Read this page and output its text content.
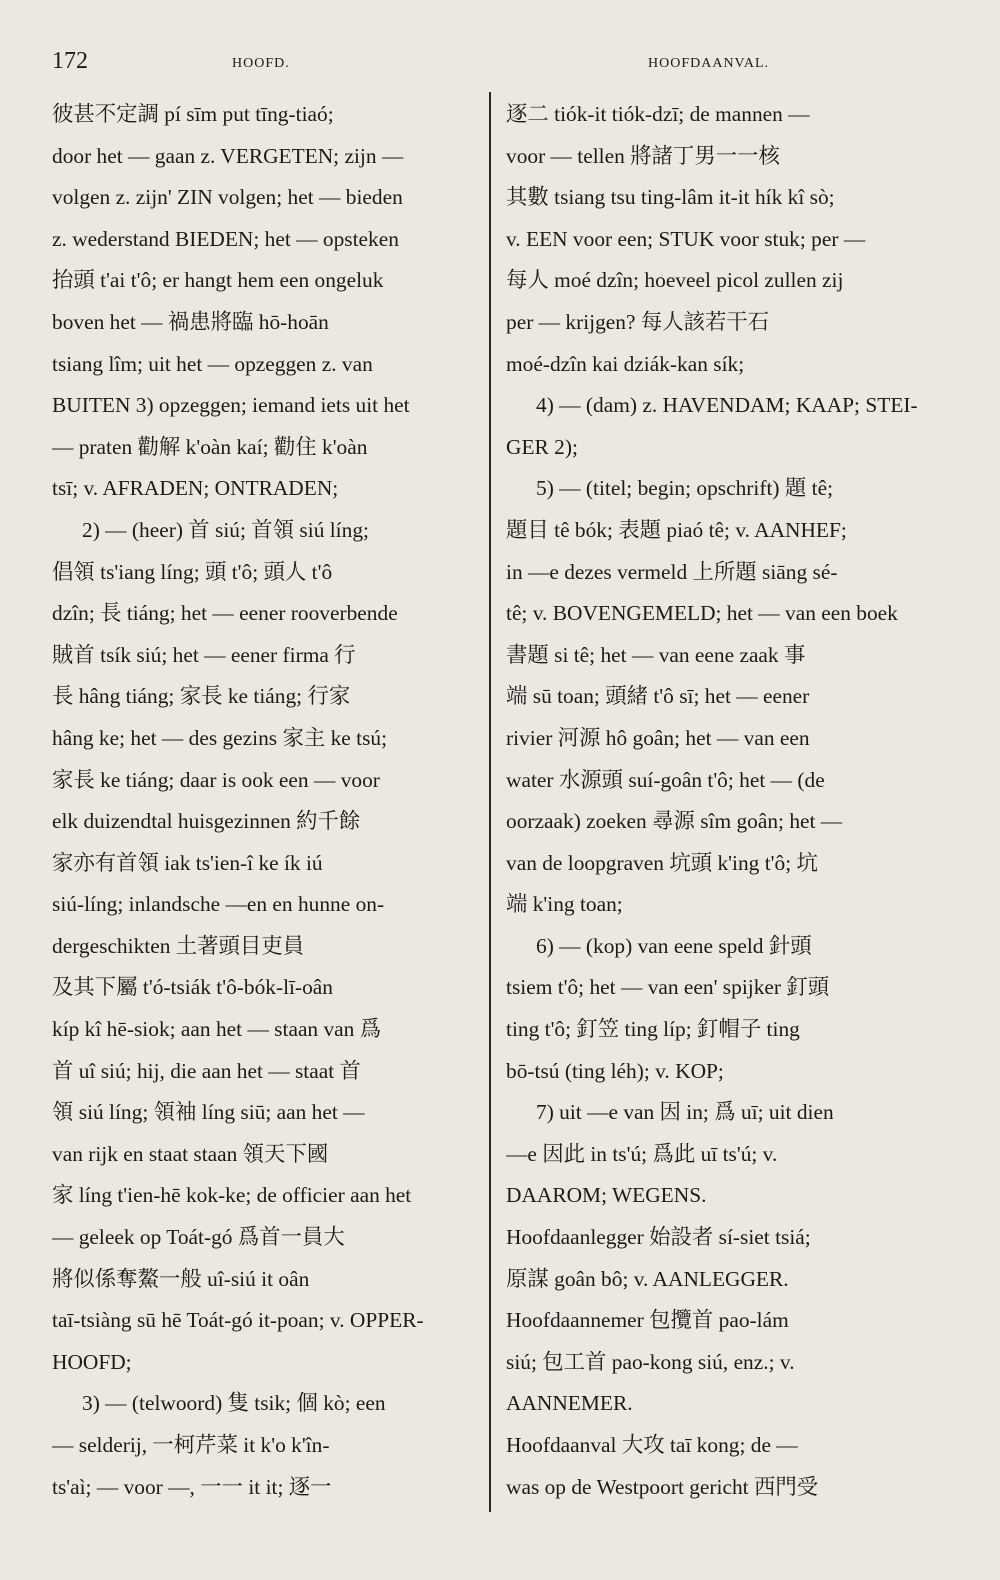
172	HOOFD.	HOOFDAANVAL.
彼甚不定調 pí sīm put tīng-tiaó;
door het — gaan z. VERGETEN; zijn —
volgen z. zijn' ZIN volgen; het — bieden
z. wederstand BIEDEN; het — opsteken
抬頭 t'ai t'ô; er hangt hem een ongeluk
boven het — 禍患將臨 hō-hoān
tsiang lîm; uit het — opzeggen z. van
BUITEN 3) opzeggen; iemand iets uit het
— praten 勸解 k'oàn kaí; 勸住 k'oàn
tsī; v. AFRADEN; ONTRADEN;
2) — (heer) 首 siú; 首領 siú líng;
倡領 ts'iang líng; 頭 t'ô; 頭人 t'ô
dzîn; 長 tiáng; het — eener rooverbende
賊首 tsík siú; het — eener firma 行
長 hâng tiáng; 家長 ke tiáng; 行家
hâng ke; het — des gezins 家主 ke tsú;
家長 ke tiáng; daar is ook een — voor
elk duizendtal huisgezinnen 約千餘
家亦有首領 iak ts'ien-î ke ík iú
siú-líng; inlandsche —en en hunne on-
dergeschikten 土著頭目吏員
及其下屬 t'ó-tsiák t'ô-bók-lī-oân
kíp kî hē-siok; aan het — staan van 爲
首 uî siú; hij, die aan het — staat 首
領 siú líng; 領袖 líng siū; aan het —
van rijk en staat staan 領天下國
家 líng t'ien-hē kok-ke; de officier aan het
— geleek op Toát-gó 爲首一員大
將似係奪鰲一般 uî-siú it oân
taī-tsiàng sū hē Toát-gó it-poan; v. OPPER-
HOOFD;
3) — (telwoord) 隻 tsik; 個 kò; een
— selderij, 一柯芹菜 it k'o k'în-
ts'aì; — voor —, 一一 it it; 逐一
逐二 tiók-it tiók-dzī; de mannen —
voor — tellen 將諸丁男一一核
其數 tsiang tsu ting-lâm it-it hík kî sò;
v. EEN voor een; STUK voor stuk; per —
每人 moé dzîn; hoeveel picol zullen zij
per — krijgen? 每人該若干石
moé-dzîn kai dziák-kan sík;
4) — (dam) z. HAVENDAM; KAAP; STEI-
GER 2);
5) — (titel; begin; opschrift) 題 tê;
題目 tê bók; 表題 piaó tê; v. AANHEF;
in —e dezes vermeld 上所題 siāng sé-
tê; v. BOVENGEMELD; het — van een boek
書題 si tê; het — van eene zaak 事
端 sū toan; 頭緒 t'ô sī; het — eener
rivier 河源 hô goân; het — van een
water 水源頭 suí-goân t'ô; het — (de
oorzaak) zoeken 尋源 sîm goân; het —
van de loopgraven 坑頭 k'ing t'ô; 坑
端 k'ing toan;
6) — (kop) van eene speld 針頭
tsiem t'ô; het — van een' spijker 釘頭
ting t'ô; 釘笠 ting líp; 釘帽子 ting
bō-tsú (ting léh); v. KOP;
7) uit —e van 因 in; 爲 uī; uit dien
—e 因此 in ts'ú; 爲此 uī ts'ú; v.
DAAROM; WEGENS.
Hoofdaanlegger 始設者 sí-siet tsiá;
原謀 goân bô; v. AANLEGGER.
Hoofdaannemer 包攬首 pao-lám
siú; 包工首 pao-kong siú, enz.; v.
AANNEMER.
Hoofdaanval 大攻 taī kong; de —
was op de Westpoort gericht 西門受
